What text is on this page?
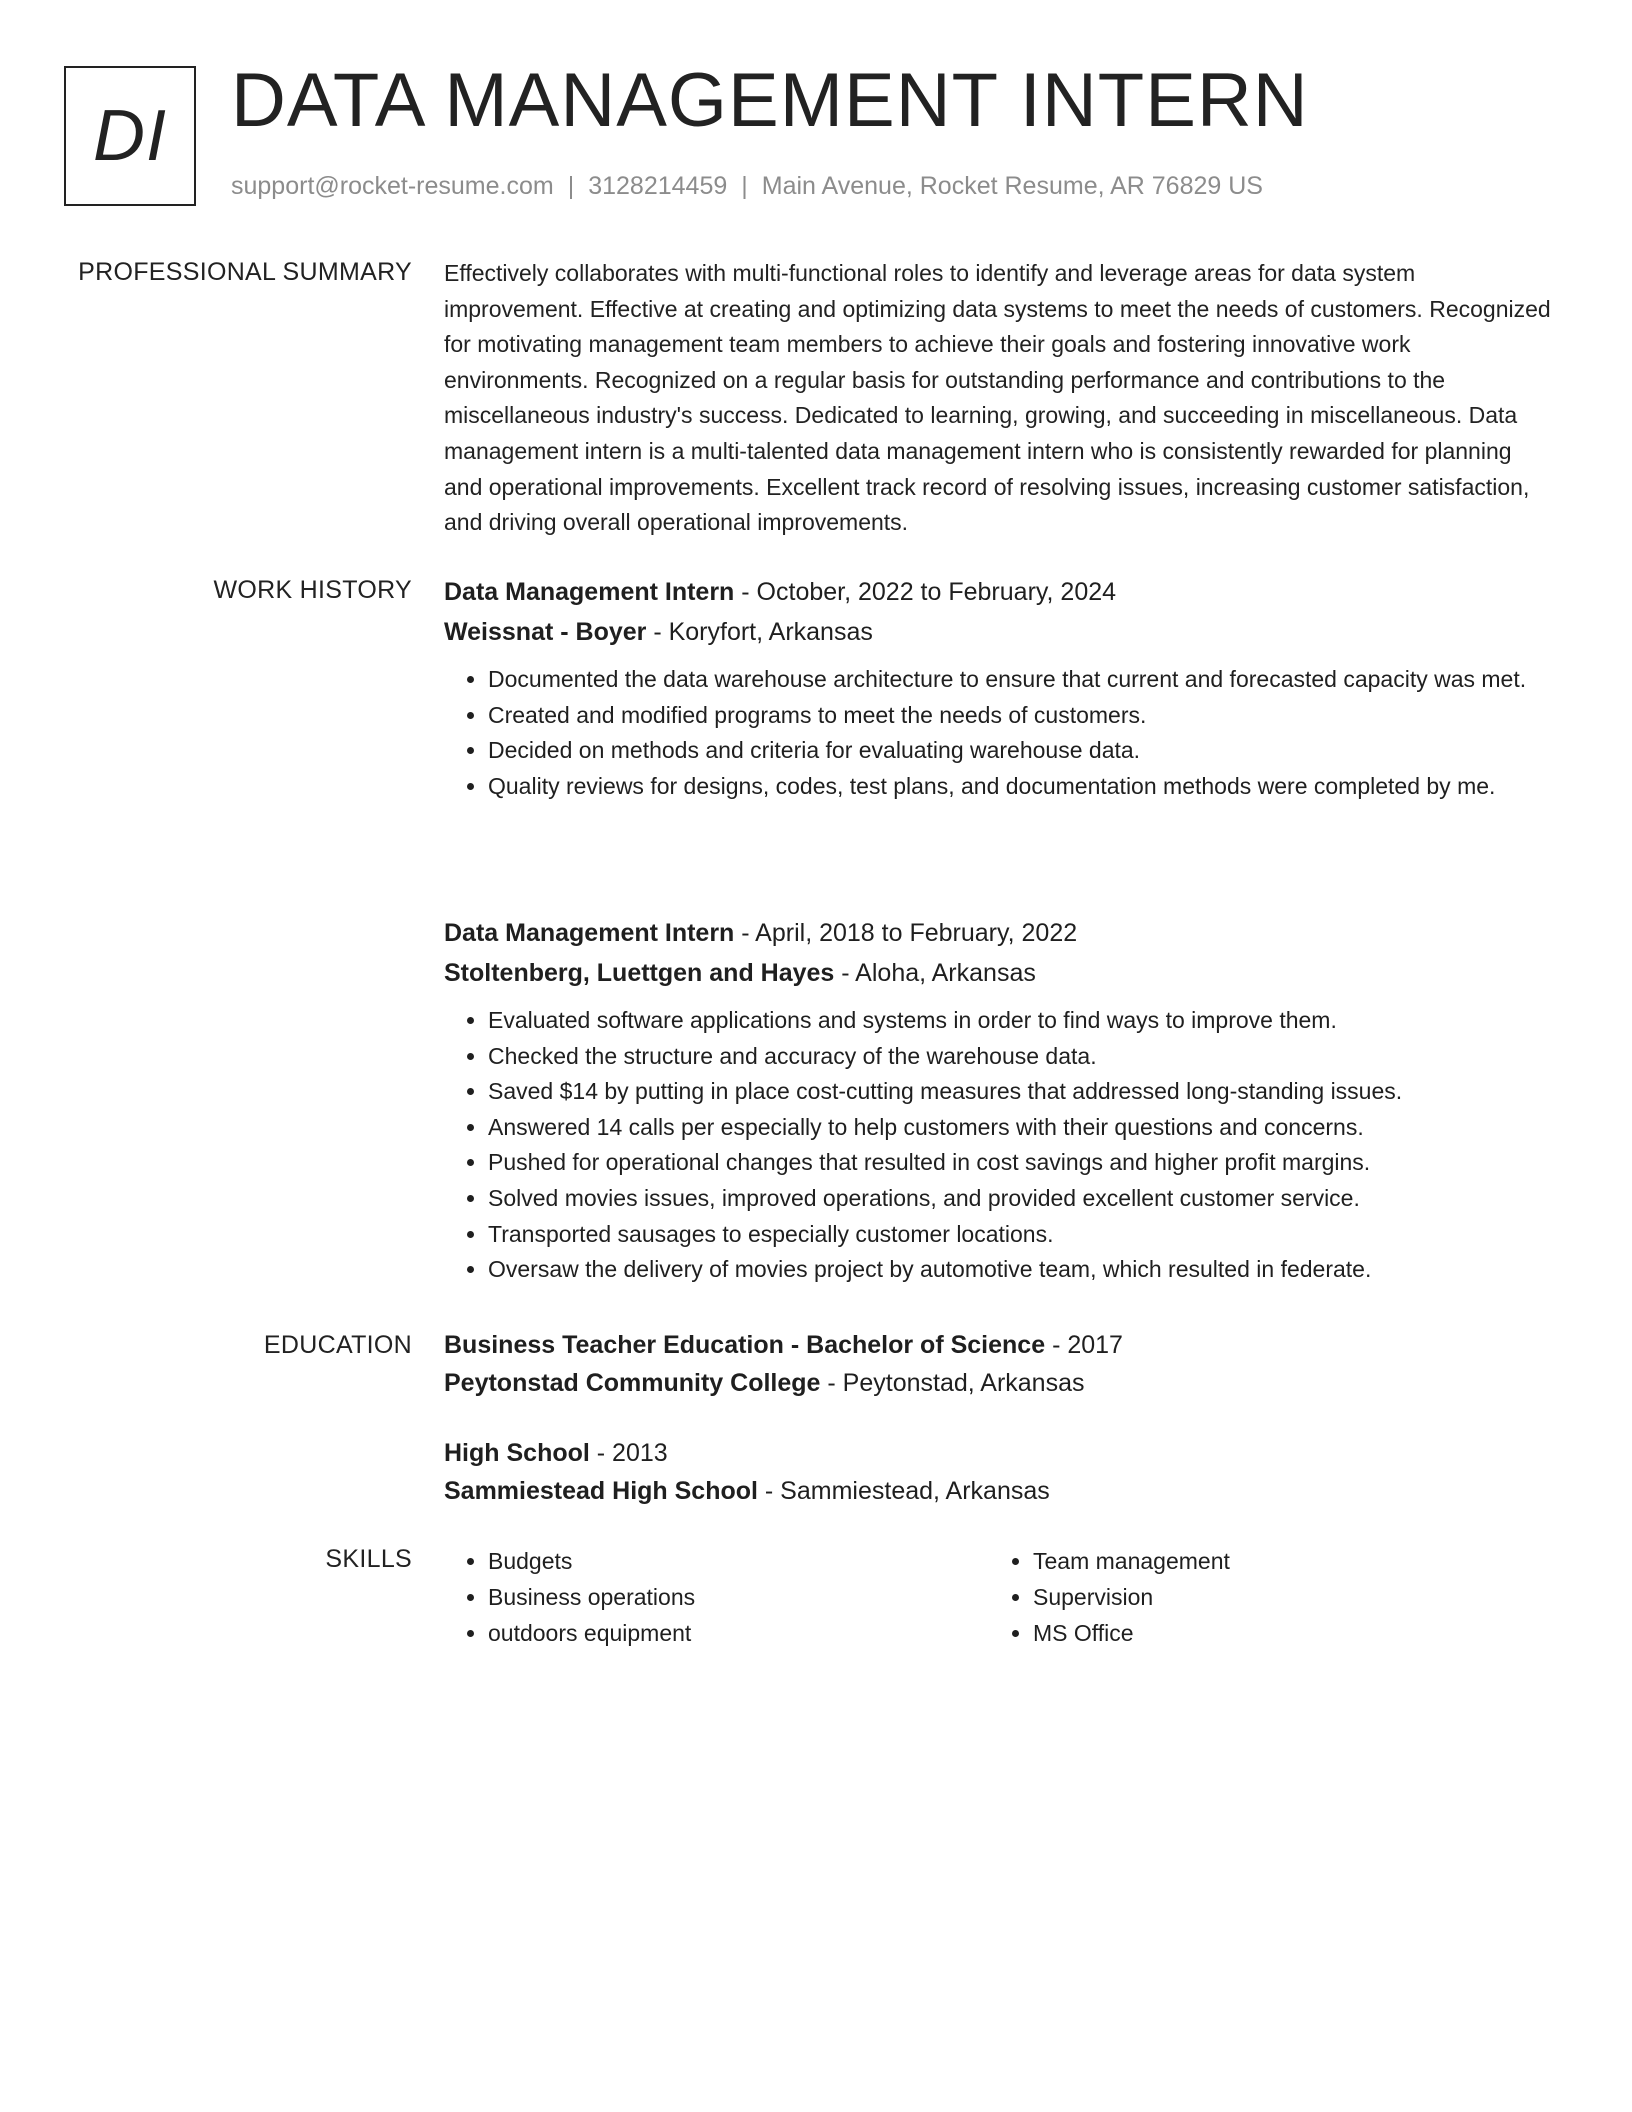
DI DATA MANAGEMENT INTERN
support@rocket-resume.com | 3128214459 | Main Avenue, Rocket Resume, AR 76829 US
PROFESSIONAL SUMMARY Effectively collaborates with multi-functional roles to identify and leverage areas for data system improvement. Effective at creating and optimizing data systems to meet the needs of customers. Recognized for motivating management team members to achieve their goals and fostering innovative work environments. Recognized on a regular basis for outstanding performance and contributions to the miscellaneous industry's success. Dedicated to learning, growing, and succeeding in miscellaneous. Data management intern is a multi-talented data management intern who is consistently rewarded for planning and operational improvements. Excellent track record of resolving issues, increasing customer satisfaction, and driving overall operational improvements.

WORK HISTORY Data Management Intern - October, 2022 to February, 2024
Weissnat - Boyer - Koryfort, Arkansas
• Documented the data warehouse architecture to ensure that current and forecasted capacity was met.
• Created and modified programs to meet the needs of customers.
• Decided on methods and criteria for evaluating warehouse data.
• Quality reviews for designs, codes, test plans, and documentation methods were completed by me.
Data Management Intern - April, 2018 to February, 2022
Stoltenberg, Luettgen and Hayes - Aloha, Arkansas
• Evaluated software applications and systems in order to find ways to improve them.
• Checked the structure and accuracy of the warehouse data.
• Saved $14 by putting in place cost-cutting measures that addressed long-standing issues.
• Answered 14 calls per especially to help customers with their questions and concerns.
• Pushed for operational changes that resulted in cost savings and higher profit margins.
• Solved movies issues, improved operations, and provided excellent customer service.
• Transported sausages to especially customer locations.
• Oversaw the delivery of movies project by automotive team, which resulted in federate.
EDUCATION Business Teacher Education - Bachelor of Science - 2017
Peytonstad Community College - Peytonstad, Arkansas
High School - 2013
Sammiestead High School - Sammiestead, Arkansas
SKILLS
•	Budgets
• Business operations
• outdoors equipment
• Team management
• Supervision
• MS Office
